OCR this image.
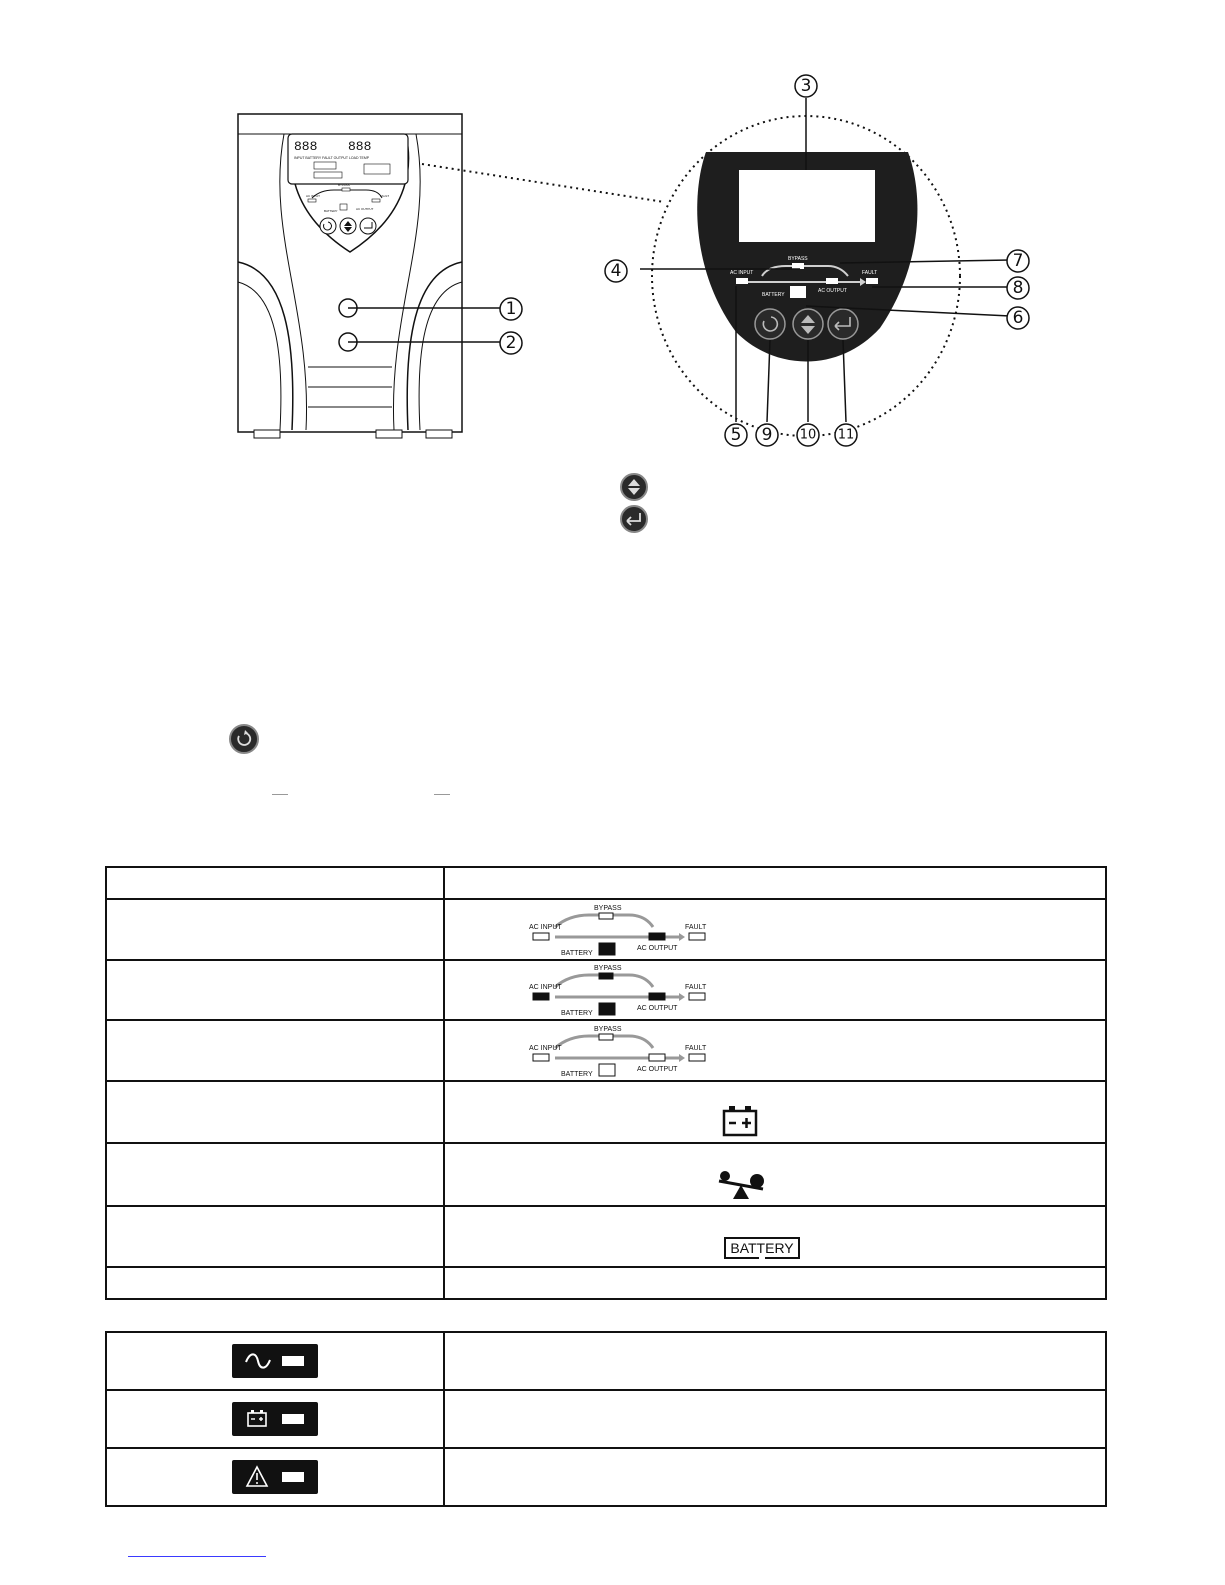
888 888
INPUT BATTERY FAULT OUTPUT LOAD TEMP
BYPASS
AC INPUT	FAULT
BATTERY	AC OUTPUT
1
2
BYPASS
AC INPUT	FAULT
BATTERY
AC OUTPUT
3
4
5
6
7
8
9 10 11

BYPASS
AC INPUT FAULT
BATTERY
AC OUTPUT

BYPASS
AC INPUT FAULT
BATTERY
AC OUTPUT

BYPASS
AC INPUT FAULT
BATTERY
AC OUTPUT

BATTERY
